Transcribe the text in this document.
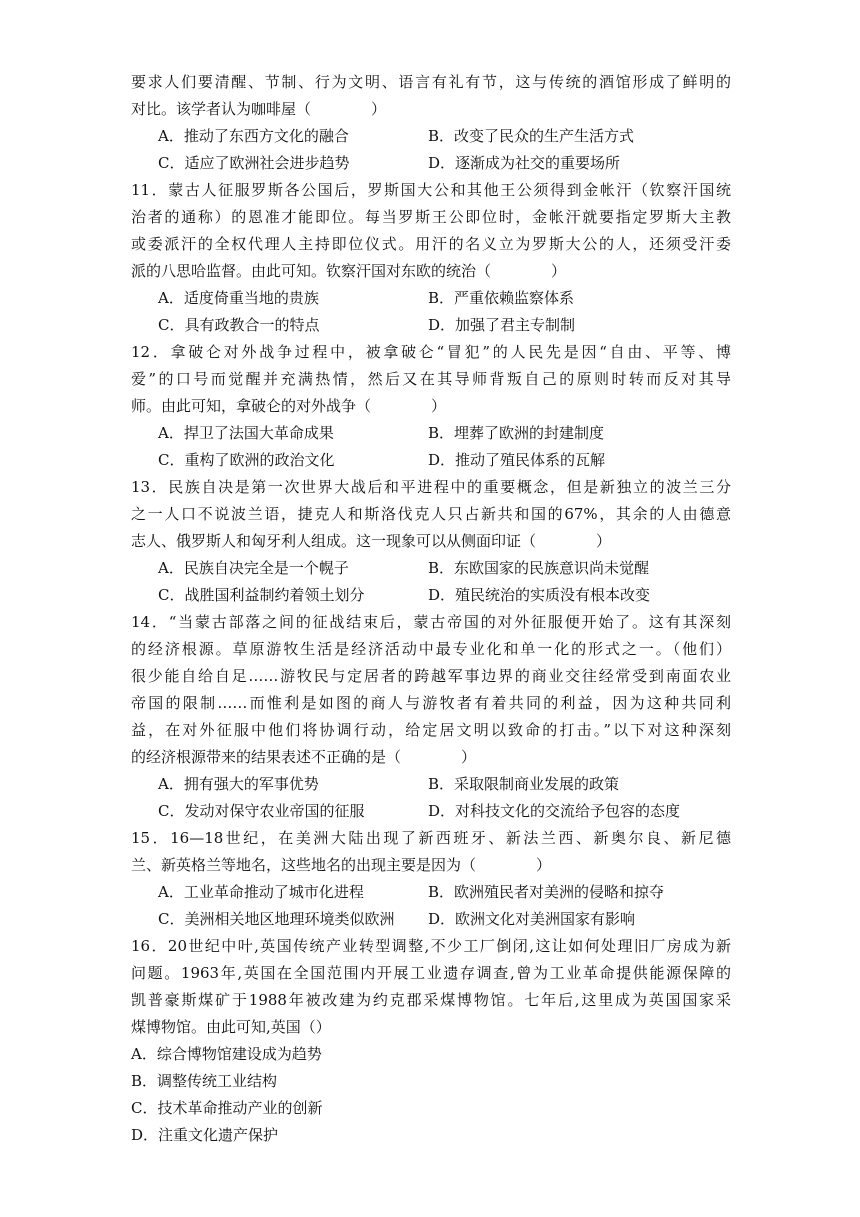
要求人们要清醒、节制、行为文明、语言有礼有节，这与传统的酒馆形成了鲜明的
对比。该学者认为咖啡屋（　　　　）
A．推动了东西方文化的融合	B．改变了民众的生产生活方式
C．适应了欧洲社会进步趋势	D．逐渐成为社交的重要场所
11．蒙古人征服罗斯各公国后，罗斯国大公和其他王公须得到金帐汗（钦察汗国统
治者的通称）的恩准才能即位。每当罗斯王公即位时，金帐汗就要指定罗斯大主教
或委派汗的全权代理人主持即位仪式。用汗的名义立为罗斯大公的人，还须受汗委
派的八思哈监督。由此可知。钦察汗国对东欧的统治（　　　　）
A．适度倚重当地的贵族	B．严重依赖监察体系
C．具有政教合一的特点	D．加强了君主专制制
12．拿破仑对外战争过程中，被拿破仑“冒犯”的人民先是因“自由、平等、博
爱”的口号而觉醒并充满热情，然后又在其导师背叛自己的原则时转而反对其导
师。由此可知，拿破仑的对外战争（　　　　）
A．捍卫了法国大革命成果	B．埋葬了欧洲的封建制度
C．重构了欧洲的政治文化	D．推动了殖民体系的瓦解
13．民族自决是第一次世界大战后和平进程中的重要概念，但是新独立的波兰三分
之一人口不说波兰语，捷克人和斯洛伐克人只占新共和国的67%，其余的人由德意
志人、俄罗斯人和匈牙利人组成。这一现象可以从侧面印证（　　　　）
A．民族自决完全是一个幌子	B．东欧国家的民族意识尚未觉醒
C．战胜国利益制约着领土划分	D．殖民统治的实质没有根本改变
14．“当蒙古部落之间的征战结束后，蒙古帝国的对外征服便开始了。这有其深刻
的经济根源。草原游牧生活是经济活动中最专业化和单一化的形式之一。（他们）
很少能自给自足……游牧民与定居者的跨越军事边界的商业交往经常受到南面农业
帝国的限制……而惟利是如图的商人与游牧者有着共同的利益，因为这种共同利
益，在对外征服中他们将协调行动，给定居文明以致命的打击。”以下对这种深刻
的经济根源带来的结果表述不正确的是（　　　　）
A．拥有强大的军事优势	B．采取限制商业发展的政策
C．发动对保守农业帝国的征服	D．对科技文化的交流给予包容的态度
15．16—18世纪，在美洲大陆出现了新西班牙、新法兰西、新奥尔良、新尼德
兰、新英格兰等地名，这些地名的出现主要是因为（　　　　）
A．工业革命推动了城市化进程	B．欧洲殖民者对美洲的侵略和掠夺
C．美洲相关地区地理环境类似欧洲 D．欧洲文化对美洲国家有影响
16．20世纪中叶,英国传统产业转型调整,不少工厂倒闭,这让如何处理旧厂房成为新
问题。1963年,英国在全国范围内开展工业遗存调查,曾为工业革命提供能源保障的
凯普豪斯煤矿于1988年被改建为约克郡采煤博物馆。七年后,这里成为英国国家采
煤博物馆。由此可知,英国（）
A．综合博物馆建设成为趋势
B．调整传统工业结构
C．技术革命推动产业的创新
D．注重文化遗产保护
